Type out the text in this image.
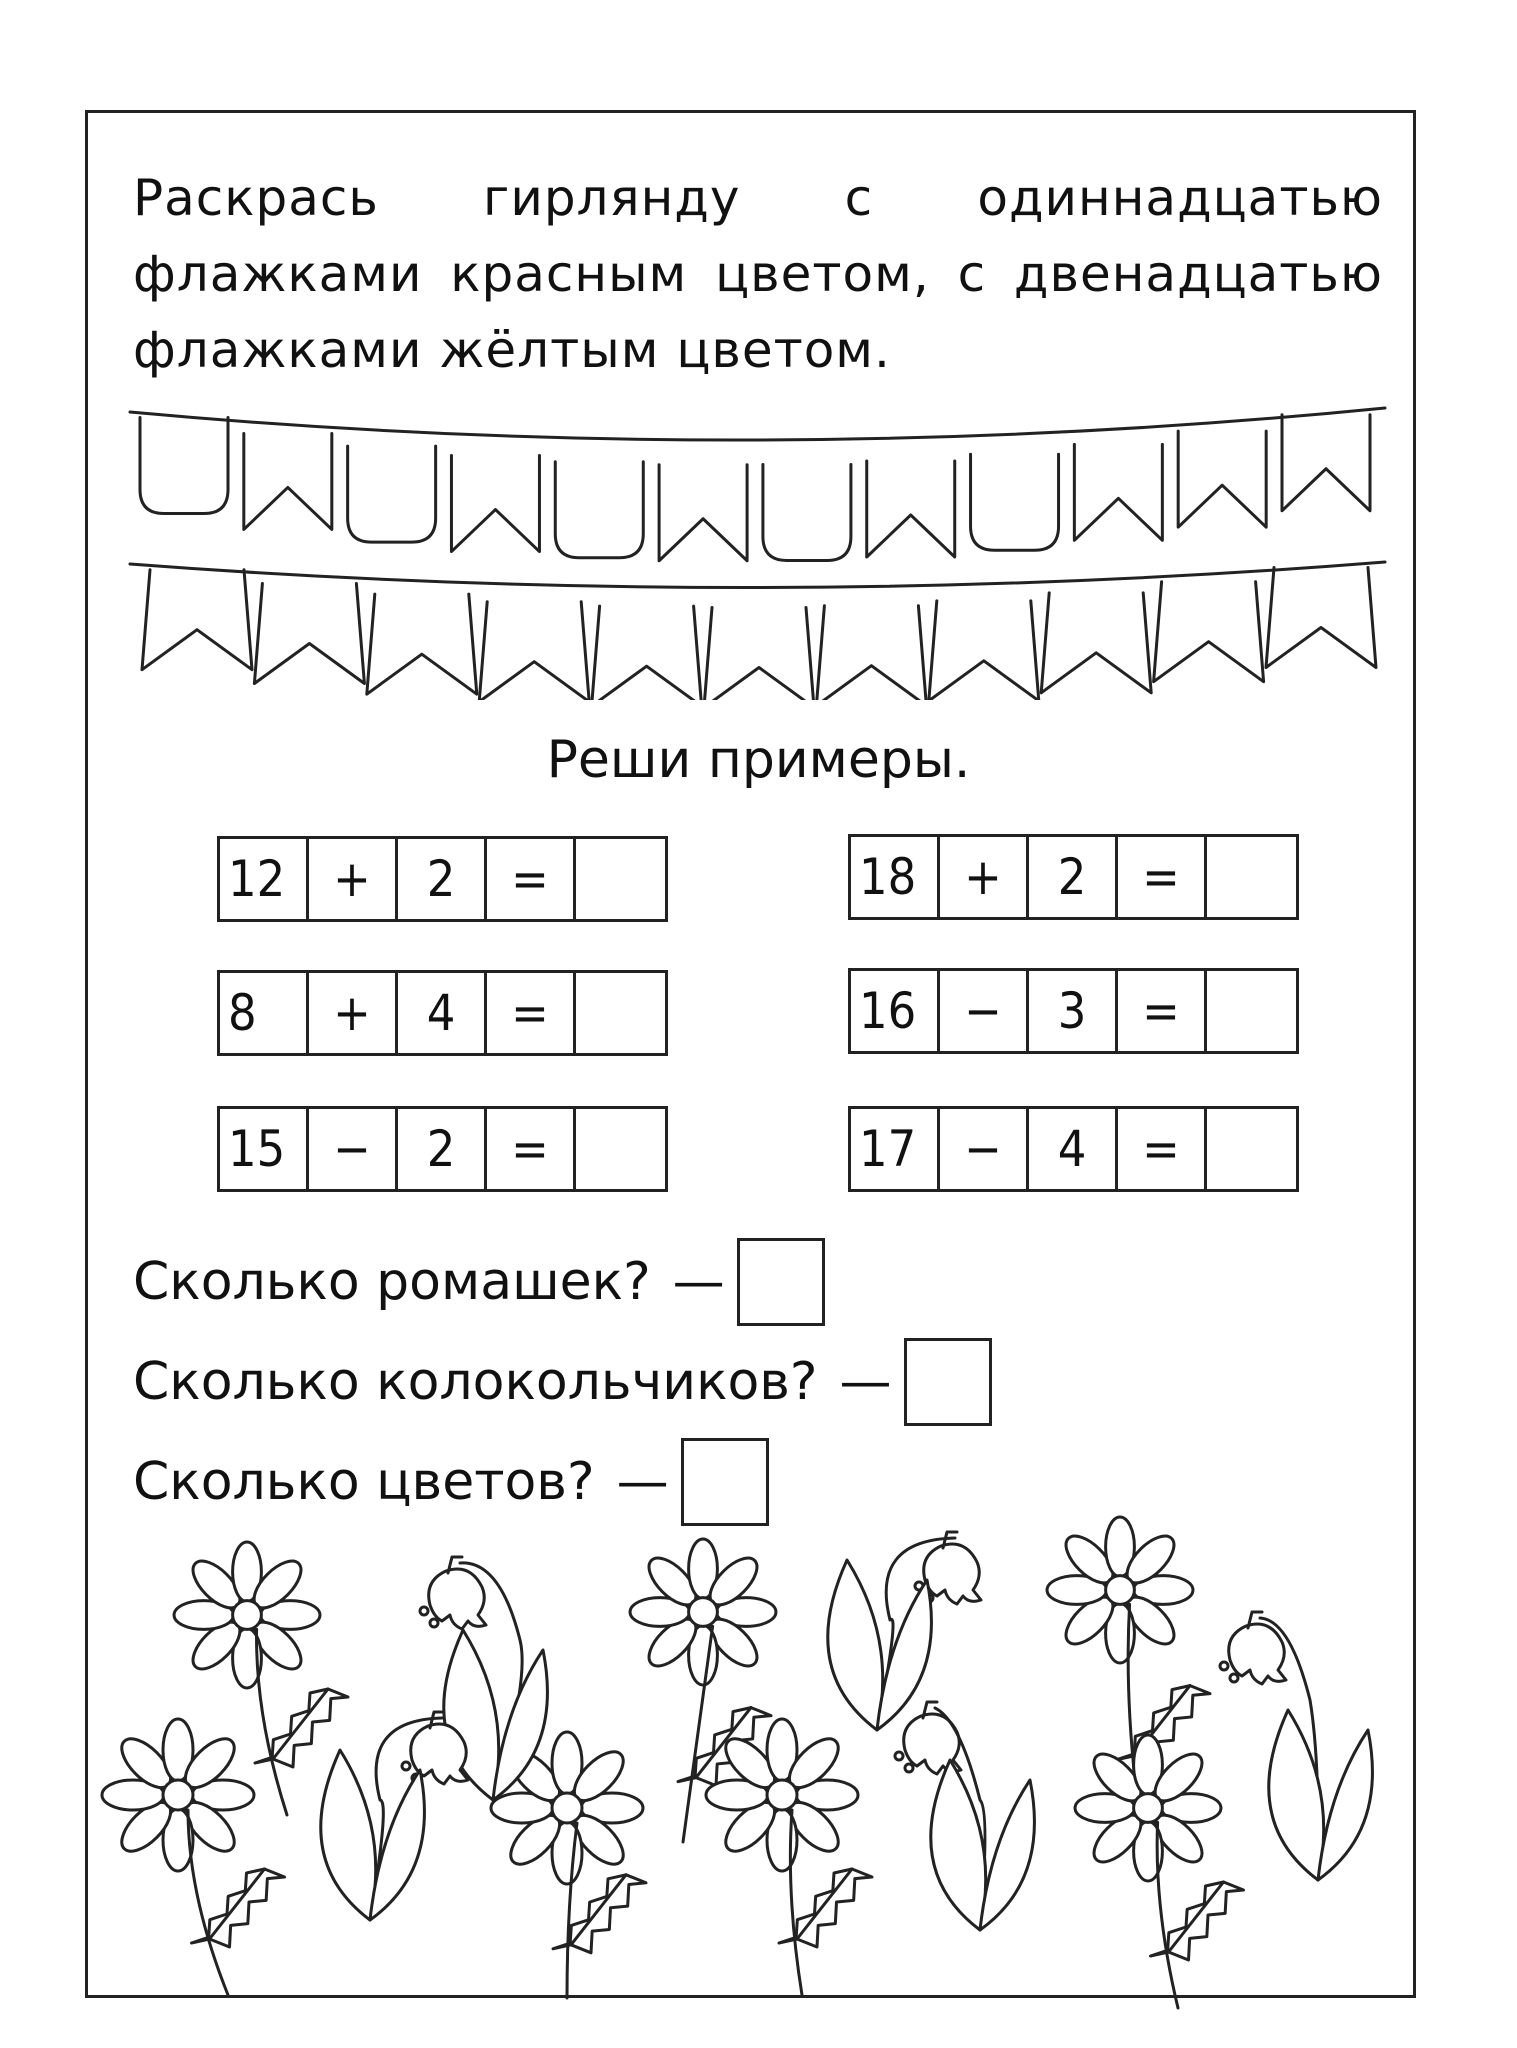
Раскрась гирлянду с одиннадцатью
флажками красным цветом, с двенадцатью
флажками жёлтым цветом.

Реши примеры.

12 +	2	=	18 +	2	=
8	+	4	=	16 −	3	=
15 −	2	=	17 −	4	=

Сколько ромашек? —

Сколько колокольчиков? —

Сколько цветов? —
